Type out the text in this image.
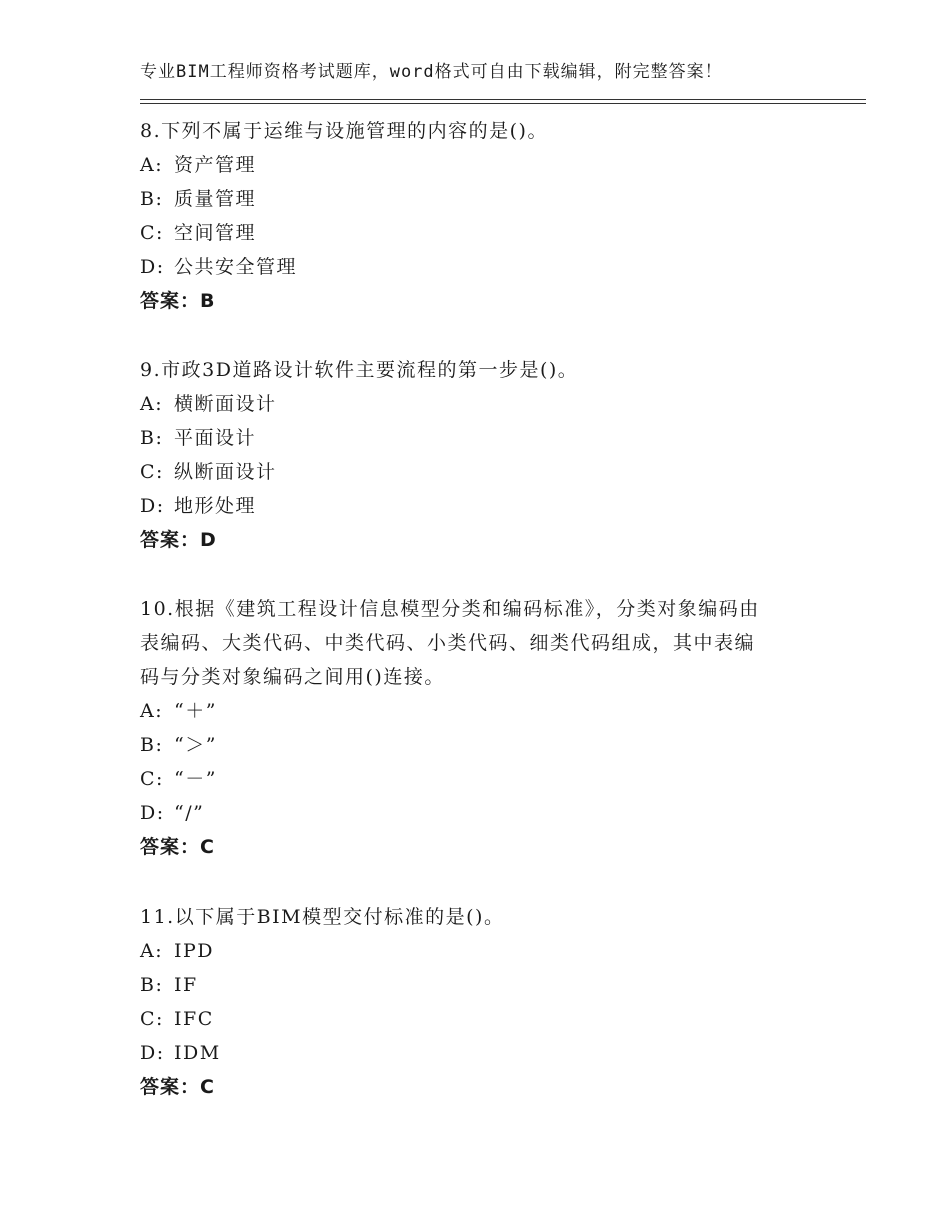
专业BIM工程师资格考试题库，word格式可自由下载编辑，附完整答案！
8.下列不属于运维与设施管理的内容的是()。
A: 资产管理
B: 质量管理
C: 空间管理
D: 公共安全管理
答案：B
9.市政3D道路设计软件主要流程的第一步是()。
A: 横断面设计
B: 平面设计
C: 纵断面设计
D: 地形处理
答案：D
10.根据《建筑工程设计信息模型分类和编码标准》，分类对象编码由
表编码、大类代码、中类代码、小类代码、细类代码组成，其中表编
码与分类对象编码之间用()连接。
A: “＋”
B: “＞”
C: “－”
D: “/”
答案：C
11.以下属于BIM模型交付标准的是()。
A: IPD
B: IF
C: IFC
D: IDM
答案：C
